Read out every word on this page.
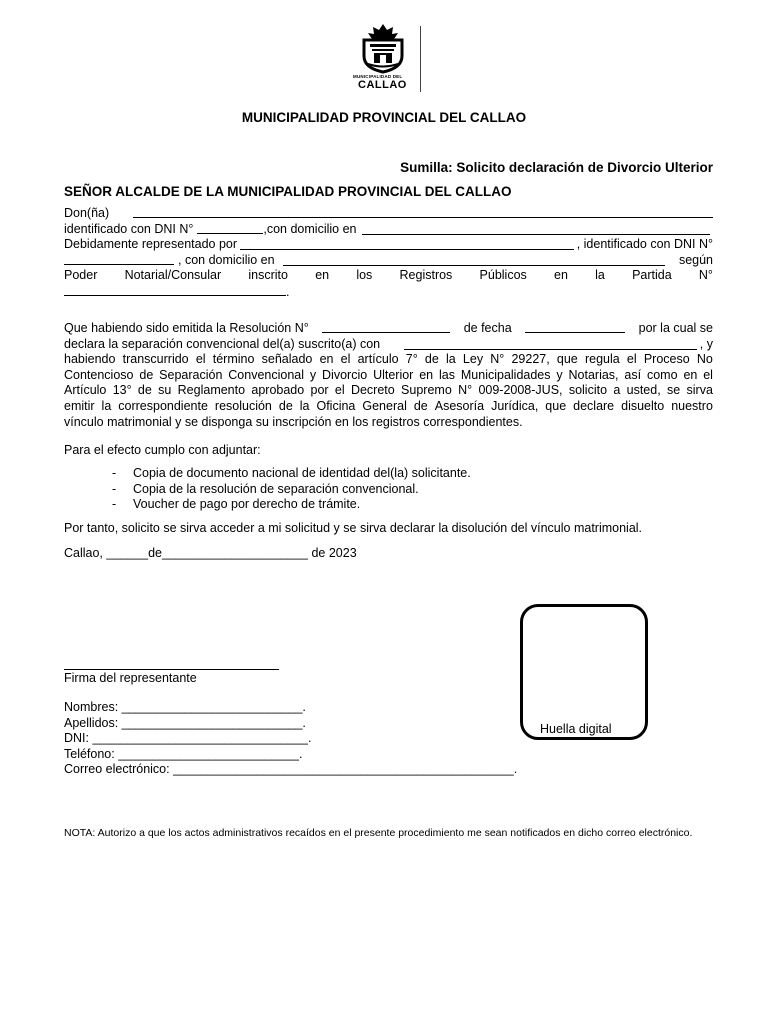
MUNICIPALIDAD DEL
CALLAO
MUNICIPALIDAD PROVINCIAL DEL CALLAO
Sumilla: Solicito declaración de Divorcio Ulterior
SEÑOR ALCALDE DE LA MUNICIPALIDAD PROVINCIAL DEL CALLAO
Don(ña)
identificado con DNI N°	,con domicilio en
Debidamente representado por	, identificado con DNI N°
, con domicilio en	según
Poder Notarial/Consular inscrito en los Registros Públicos en la Partida N°
.
Que habiendo sido emitida la Resolución N°	de fecha	por la cual se
declara la separación convencional del(a) suscrito(a) con	, y
habiendo transcurrido el término señalado en el artículo 7° de la Ley N° 29227, que regula el Proceso No
Contencioso de Separación Convencional y Divorcio Ulterior en las Municipalidades y Notarias, así como en el
Artículo 13° de su Reglamento aprobado por el Decreto Supremo N° 009-2008-JUS, solicito a usted, se sirva
emitir la correspondiente resolución de la Oficina General de Asesoría Jurídica, que declare disuelto nuestro
vínculo matrimonial y se disponga su inscripción en los registros correspondientes.
Para el efecto cumplo con adjuntar:
- Copia de documento nacional de identidad del(la) solicitante.
- Copia de la resolución de separación convencional.
- Voucher de pago por derecho de trámite.
Por tanto, solicito se sirva acceder a mi solicitud y se sirva declarar la disolución del vínculo matrimonial.
Callao, ______de_____________________ de 2023
Huella digital
Firma del representante
Nombres: __________________________.
Apellidos: __________________________.
DNI: _______________________________.
Teléfono: __________________________.
Correo electrónico: _________________________________________________.
NOTA: Autorizo a que los actos administrativos recaídos en el presente procedimiento me sean notificados en dicho correo electrónico.
